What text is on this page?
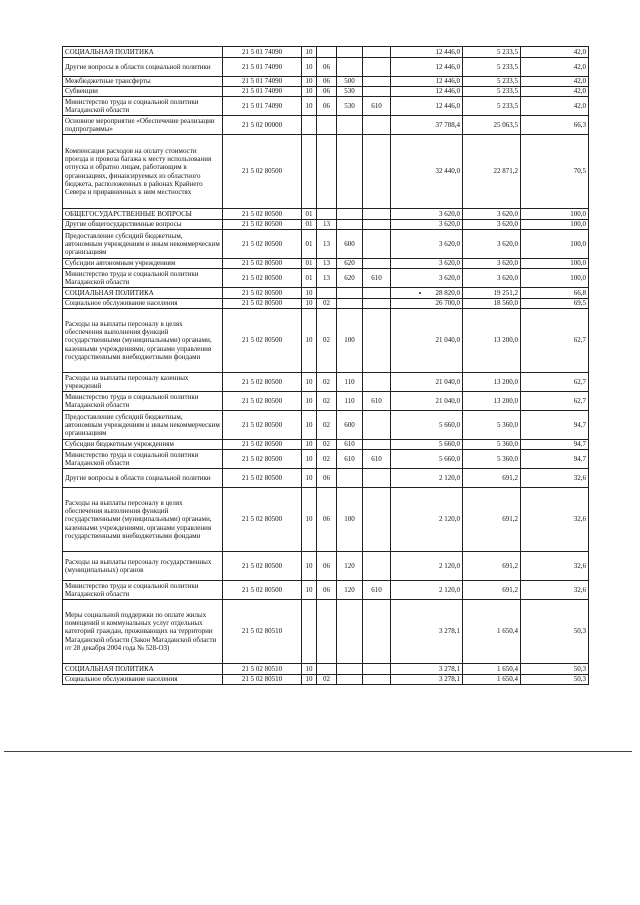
СОЦИАЛЬНАЯ ПОЛИТИКА	21 5 01 74090	10				12 446,0	5 233,5	42,0
Другие вопросы в области социальной политики	21 5 01 74090	10	06			12 446,0	5 233,5	42,0
Межбюджетные трансферты	21 5 01 74090	10	06	500		12 446,0	5 233,5	42,0
Субвенции	21 5 01 74090	10	06	530		12 446,0	5 233,5	42,0
Министерство труда и социальной политики Магаданской области	21 5 01 74090	10	06	530	610	12 446,0	5 233,5	42,0
Основное мероприятие «Обеспечение реализации подпрограммы»	21 5 02 00000					37 788,4	25 063,5	66,3
Компенсация расходов на оплату стоимости проезда и провоза багажа к месту использования отпуска и обратно лицам, работающим в организациях, финансируемых из областного бюджета, расположенных в районах Крайнего Севера и приравненных к ним местностях	21 5 02 80500					32 440,0	22 871,2	70,5
ОБЩЕГОСУДАРСТВЕННЫЕ ВОПРОСЫ	21 5 02 80500	01				3 620,0	3 620,0	100,0
Другие общегосударственные вопросы	21 5 02 80500	01	13			3 620,0	3 620,0	100,0
Предоставление субсидий бюджетным, автономным учреждениям и иным некоммерческим организациям	21 5 02 80500	01	13	600		3 620,0	3 620,0	100,0
Субсидии автономным учреждениям	21 5 02 80500	01	13	620		3 620,0	3 620,0	100,0
Министерство труда и социальной политики Магаданской области	21 5 02 80500	01	13	620	610	3 620,0	3 620,0	100,0
СОЦИАЛЬНАЯ ПОЛИТИКА	21 5 02 80500	10				28 820,0	19 251,2	66,8
Социальное обслуживание населения	21 5 02 80500	10	02			26 700,0	18 560,0	69,5
Расходы на выплаты персоналу в целях обеспечения выполнения функций государственными (муниципальными) органами, казенными учреждениями, органами управления государственными внебюджетными фондами	21 5 02 80500	10	02	100		21 040,0	13 200,0	62,7
Расходы на выплаты персоналу казенных учреждений	21 5 02 80500	10	02	110		21 040,0	13 200,0	62,7
Министерство труда и социальной политики Магаданской области	21 5 02 80500	10	02	110	610	21 040,0	13 200,0	62,7
Предоставление субсидий бюджетным, автономным учреждениям и иным некоммерческим организациям	21 5 02 80500	10	02	600		5 660,0	5 360,0	94,7
Субсидии бюджетным учреждениям	21 5 02 80500	10	02	610		5 660,0	5 360,0	94,7
Министерство труда и социальной политики Магаданской области	21 5 02 80500	10	02	610	610	5 660,0	5 360,0	94,7
Другие вопросы в области социальной политики	21 5 02 80500	10	06			2 120,0	691,2	32,6
Расходы на выплаты персоналу в целях обеспечения выполнения функций государственными (муниципальными) органами, казенными учреждениями, органами управления государственными внебюджетными фондами	21 5 02 80500	10	06	100		2 120,0	691,2	32,6
Расходы на выплаты персоналу государственных (муниципальных) органов	21 5 02 80500	10	06	120		2 120,0	691,2	32,6
Министерство труда и социальной политики Магаданской области	21 5 02 80500	10	06	120	610	2 120,0	691,2	32,6
Меры социальной поддержки по оплате жилых помещений и коммунальных услуг отдельных категорий граждан, проживающих на территории Магаданской области (Закон Магаданской области от 28 декабря 2004 года № 528-ОЗ)	21 5 02 80510					3 278,1	1 650,4	50,3
СОЦИАЛЬНАЯ ПОЛИТИКА	21 5 02 80510	10				3 278,1	1 650,4	50,3
Социальное обслуживание населения	21 5 02 80510	10	02			3 278,1	1 650,4	50,3
